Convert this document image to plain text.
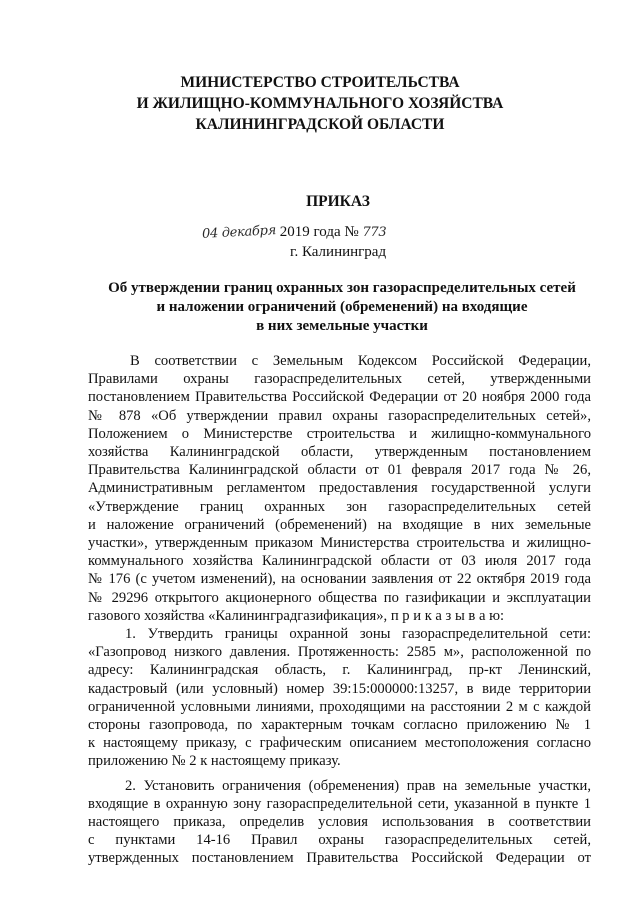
МИНИСТЕРСТВО СТРОИТЕЛЬСТВА
И ЖИЛИЩНО-КОММУНАЛЬНОГО ХОЗЯЙСТВА
КАЛИНИНГРАДСКОЙ ОБЛАСТИ
ПРИКАЗ
04 декабря 2019 года № 773
г. Калининград
Об утверждении границ охранных зон газораспределительных сетей
и наложении ограничений (обременений) на входящие
в них земельные участки
В соответствии с Земельным Кодексом Российской Федерации,
Правилами охраны газораспределительных сетей, утвержденными
постановлением Правительства Российской Федерации от 20 ноября 2000 года
№ 878 «Об утверждении правил охраны газораспределительных сетей»,
Положением о Министерстве строительства и жилищно-коммунального
хозяйства Калининградской области, утвержденным постановлением
Правительства Калининградской области от 01 февраля 2017 года № 26,
Административным регламентом предоставления государственной услуги
«Утверждение границ охранных зон газораспределительных сетей
и наложение ограничений (обременений) на входящие в них земельные
участки», утвержденным приказом Министерства строительства и жилищно-
коммунального хозяйства Калининградской области от 03 июля 2017 года
№ 176 (с учетом изменений), на основании заявления от 22 октября 2019 года
№ 29296 открытого акционерного общества по газификации и эксплуатации
газового хозяйства «Калининградгазификация», п р и к а з ы в а ю:
1. Утвердить границы охранной зоны газораспределительной сети:
«Газопровод низкого давления. Протяженность: 2585 м», расположенной по
адресу: Калининградская область, г. Калининград, пр-кт Ленинский,
кадастровый (или условный) номер 39:15:000000:13257, в виде территории
ограниченной условными линиями, проходящими на расстоянии 2 м с каждой
стороны газопровода, по характерным точкам согласно приложению № 1
к настоящему приказу, с графическим описанием местоположения согласно
приложению № 2 к настоящему приказу.
2. Установить ограничения (обременения) прав на земельные участки,
входящие в охранную зону газораспределительной сети, указанной в пункте 1
настоящего приказа, определив условия использования в соответствии
с пунктами 14-16 Правил охраны газораспределительных сетей,
утвержденных постановлением Правительства Российской Федерации от
